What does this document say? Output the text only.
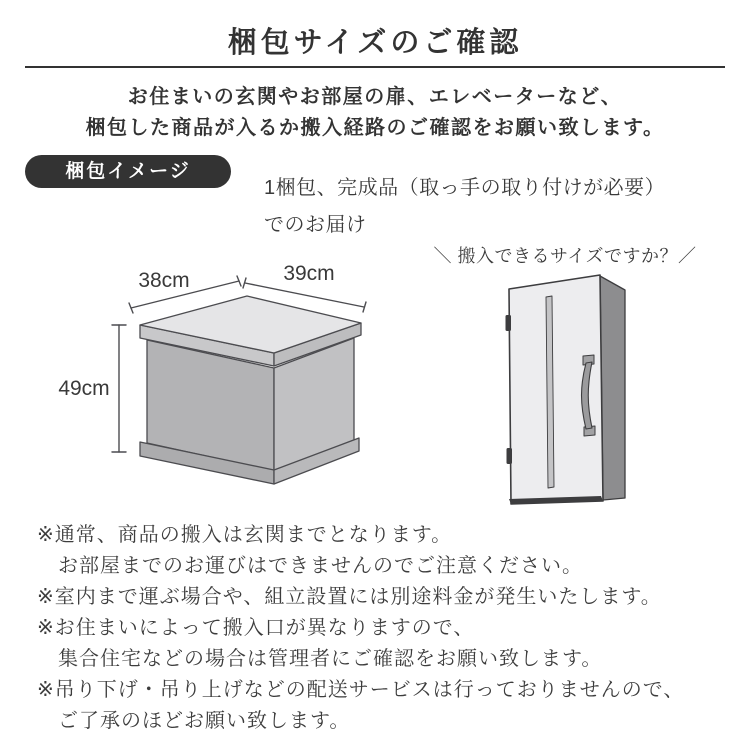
梱包サイズのご確認
お住まいの玄関やお部屋の扉、エレベーターなど、
梱包した商品が入るか搬入経路のご確認をお願い致します。
梱包イメージ
1梱包、完成品（取っ手の取り付けが必要）
でのお届け
＼ 搬入できるサイズですか？／
38cm	39cm
49cm
※通常、商品の搬入は玄関までとなります。
　お部屋までのお運びはできませんのでご注意ください。
※室内まで運ぶ場合や、組立設置には別途料金が発生いたします。
※お住まいによって搬入口が異なりますので、
　集合住宅などの場合は管理者にご確認をお願い致します。
※吊り下げ・吊り上げなどの配送サービスは行っておりませんので、
　ご了承のほどお願い致します。
